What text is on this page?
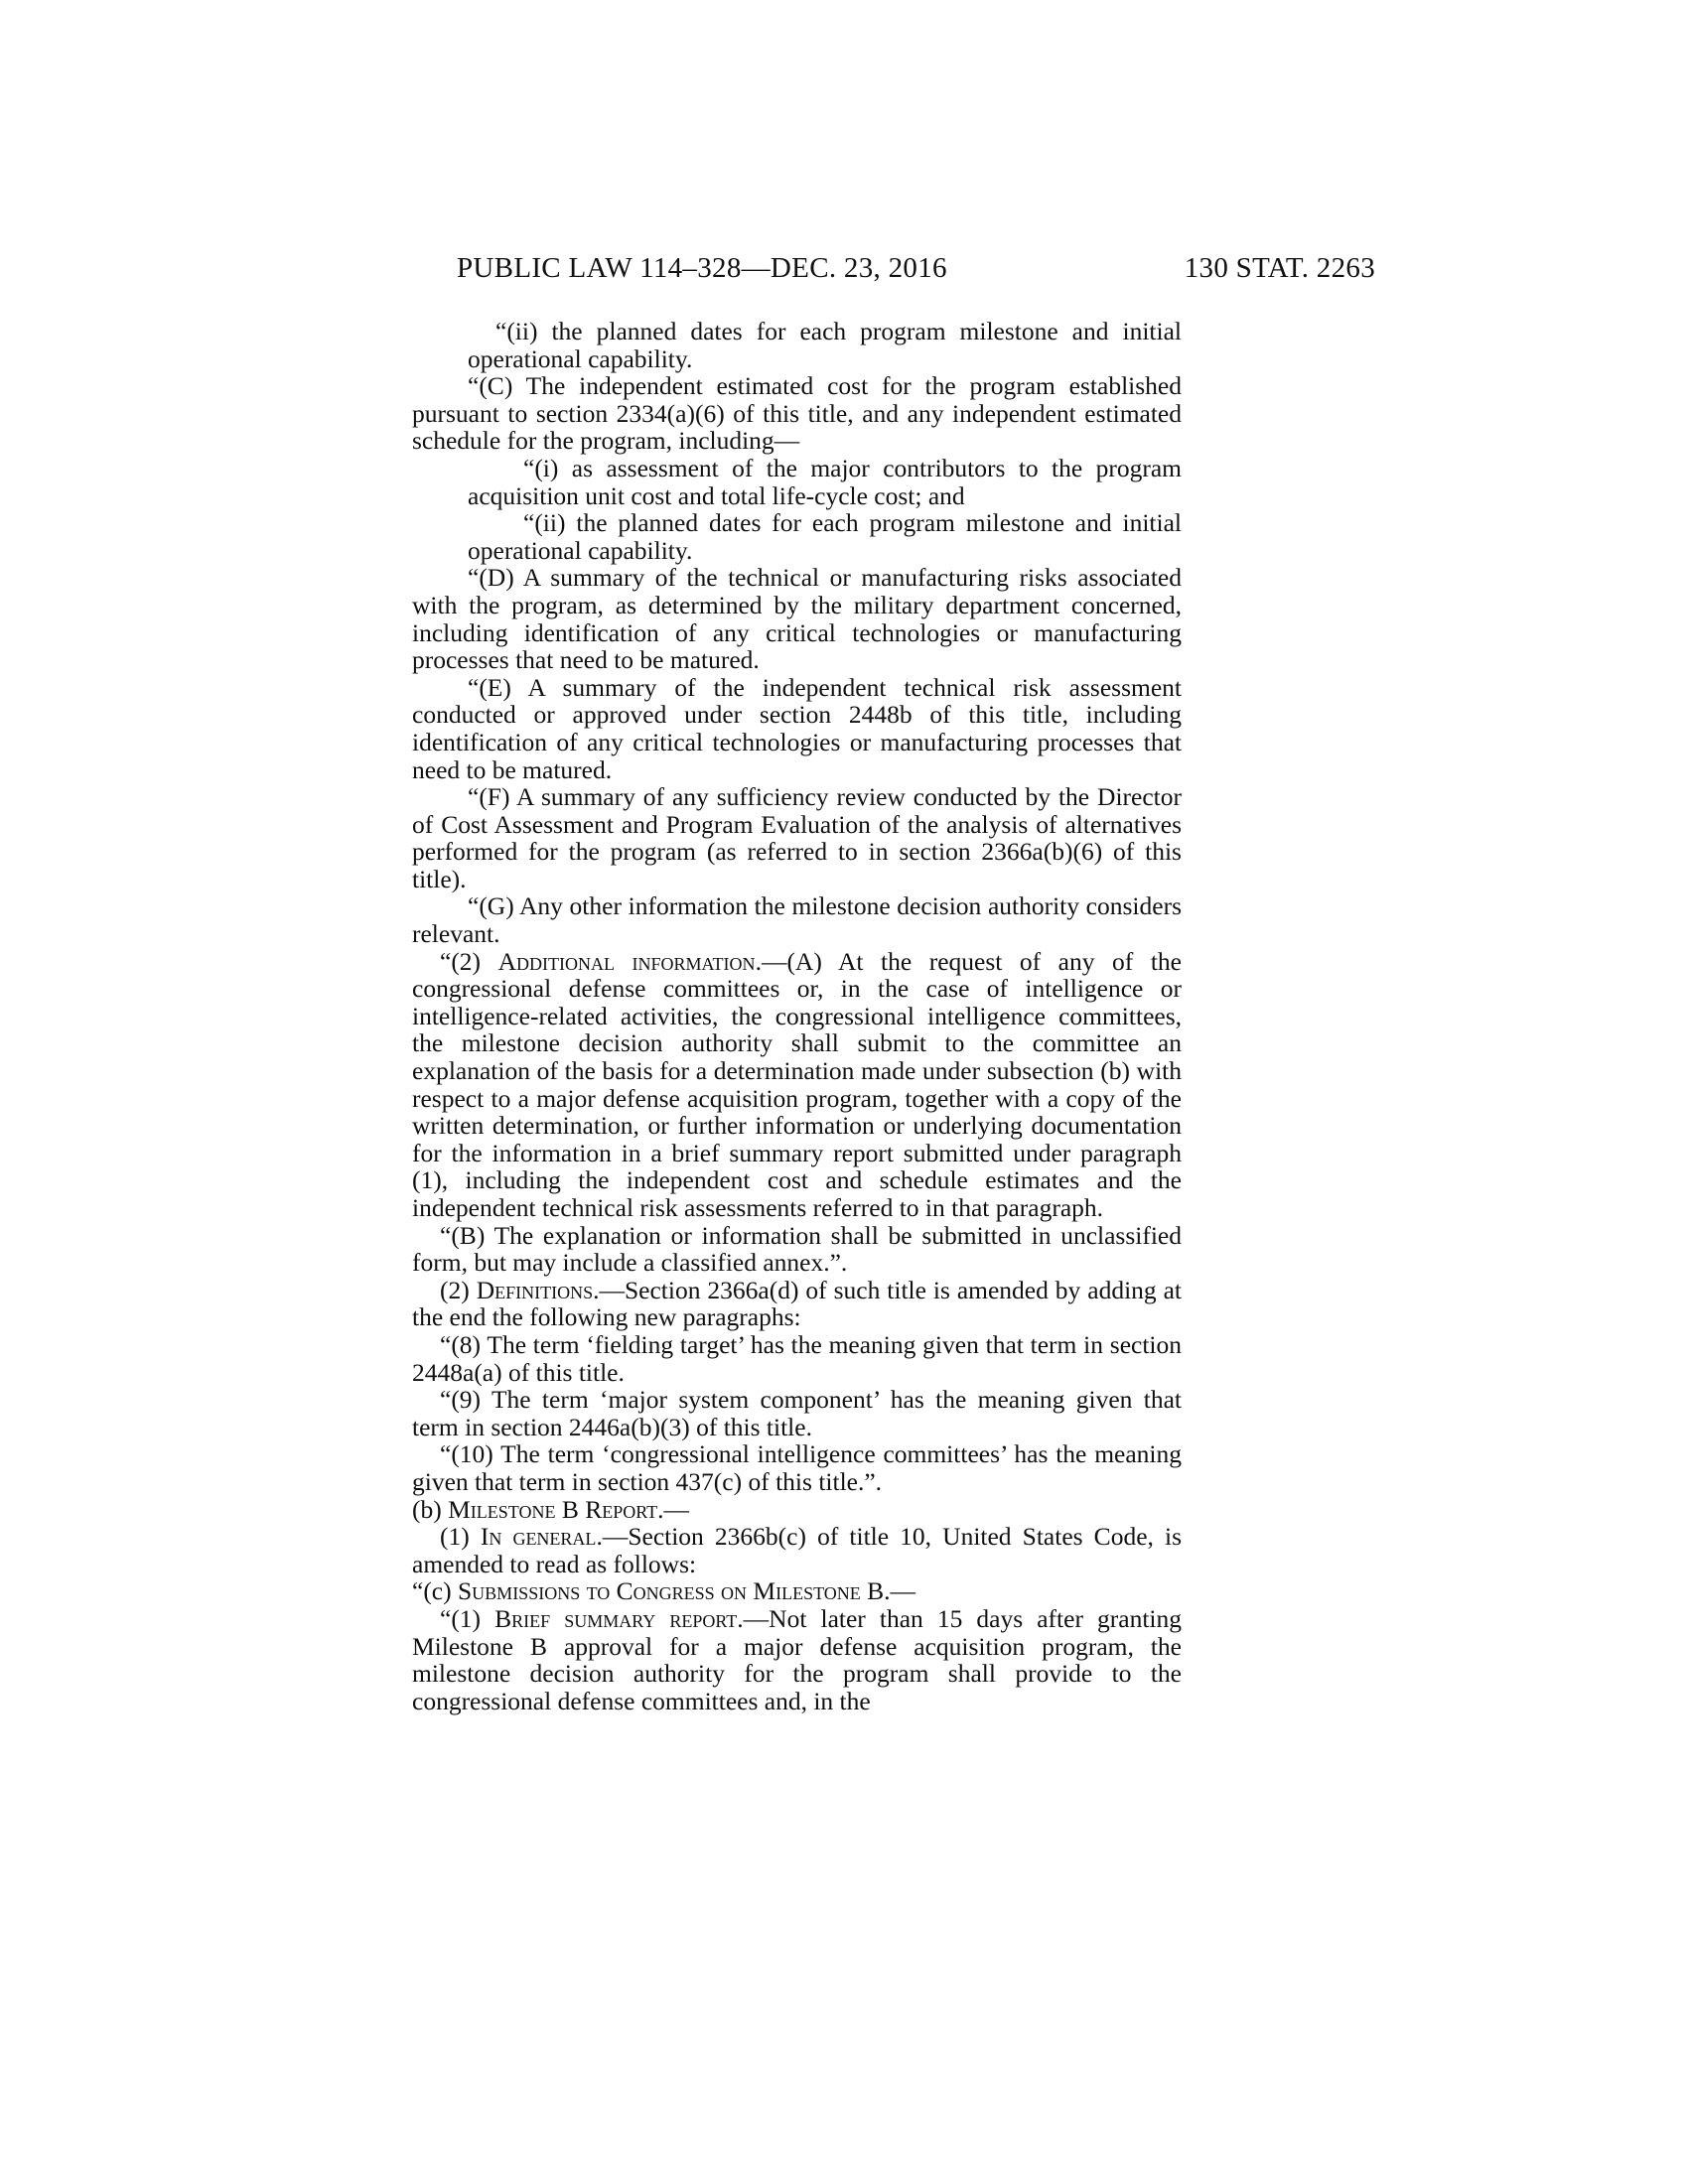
PUBLIC LAW 114–328—DEC. 23, 2016	130 STAT. 2263

“(ii) the planned dates for each program milestone and initial operational capability.

“(C) The independent estimated cost for the program established pursuant to section 2334(a)(6) of this title, and any independent estimated schedule for the program, including—

“(i) as assessment of the major contributors to the program acquisition unit cost and total life-cycle cost; and

“(ii) the planned dates for each program milestone and initial operational capability.

“(D) A summary of the technical or manufacturing risks associated with the program, as determined by the military department concerned, including identification of any critical technologies or manufacturing processes that need to be matured.

“(E) A summary of the independent technical risk assessment conducted or approved under section 2448b of this title, including identification of any critical technologies or manufacturing processes that need to be matured.

“(F) A summary of any sufficiency review conducted by the Director of Cost Assessment and Program Evaluation of the analysis of alternatives performed for the program (as referred to in section 2366a(b)(6) of this title).

“(G) Any other information the milestone decision authority considers relevant.

“(2) Additional information.—(A) At the request of any of the congressional defense committees or, in the case of intelligence or intelligence-related activities, the congressional intelligence committees, the milestone decision authority shall submit to the committee an explanation of the basis for a determination made under subsection (b) with respect to a major defense acquisition program, together with a copy of the written determination, or further information or underlying documentation for the information in a brief summary report submitted under paragraph (1), including the independent cost and schedule estimates and the independent technical risk assessments referred to in that paragraph.

“(B) The explanation or information shall be submitted in unclassified form, but may include a classified annex.”.

(2) Definitions.—Section 2366a(d) of such title is amended by adding at the end the following new paragraphs:

“(8) The term ‘fielding target’ has the meaning given that term in section 2448a(a) of this title.

“(9) The term ‘major system component’ has the meaning given that term in section 2446a(b)(3) of this title.

“(10) The term ‘congressional intelligence committees’ has the meaning given that term in section 437(c) of this title.”.

(b) Milestone B Report.—

(1) In general.—Section 2366b(c) of title 10, United States Code, is amended to read as follows:

“(c) Submissions to Congress on Milestone B.—

“(1) Brief summary report.—Not later than 15 days after granting Milestone B approval for a major defense acquisition program, the milestone decision authority for the program shall provide to the congressional defense committees and, in the
